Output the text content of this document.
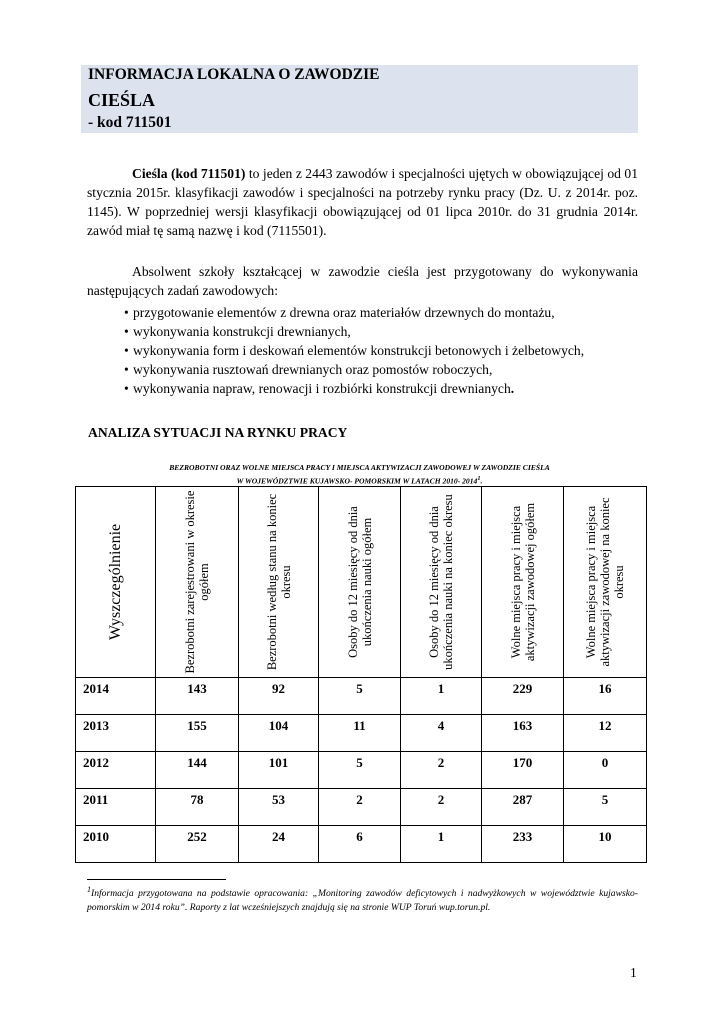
INFORMACJA LOKALNA O ZAWODZIE
CIEŚLA
- kod 711501
Cieśla (kod 711501) to jeden z 2443 zawodów i specjalności ujętych w obowiązującej od 01 stycznia 2015r. klasyfikacji zawodów i specjalności na potrzeby rynku pracy (Dz. U. z 2014r. poz. 1145). W poprzedniej wersji klasyfikacji obowiązującej od 01 lipca 2010r. do 31 grudnia 2014r. zawód miał tę samą nazwę i kod (7115501).
Absolwent szkoły kształcącej w zawodzie cieśla jest przygotowany do wykonywania następujących zadań zawodowych:
• przygotowanie elementów z drewna oraz materiałów drzewnych do montażu,
• wykonywania konstrukcji drewnianych,
• wykonywania form i deskowań elementów konstrukcji betonowych i żelbetowych,
• wykonywania rusztowań drewnianych oraz pomostów roboczych,
• wykonywania napraw, renowacji i rozbiórki konstrukcji drewnianych.
ANALIZA SYTUACJI NA RYNKU PRACY
BEZROBOTNI ORAZ WOLNE MIEJSCA PRACY I MIEJSCA AKTYWIZACJI ZAWODOWEJ W ZAWODZIE CIEŚLA
W WOJEWÓDZTWIE KUJAWSKO- POMORSKIM W LATACH 2010- 2014$^1$.
Wyszczególnienie	Bezrobotni zarejestrowani w okresie ogółem	Bezrobotni według stanu na koniec okresu	Osoby do 12 miesięcy od dnia ukończenia nauki ogółem	Osoby do 12 miesięcy od dnia ukończenia nauki na koniec okresu	Wolne miejsca pracy i miejsca aktywizacji zawodowej ogółem	Wolne miejsca pracy i miejsca aktywizacji zawodowej na koniec okresu

2014	143	92	5	1	229	16
2013	155	104	11	4	163	12
2012	144	101	5	2	170	0
2011	78	53	2	2	287	5
2010	252	24	6	1	233	10
$^1$Informacja przygotowana na podstawie opracowania: „Monitoring zawodów deficytowych i nadwyżkowych w województwie kujawsko-pomorskim w 2014 roku”. Raporty z lat wcześniejszych znajdują się na stronie WUP Toruń wup.torun.pl.
1
